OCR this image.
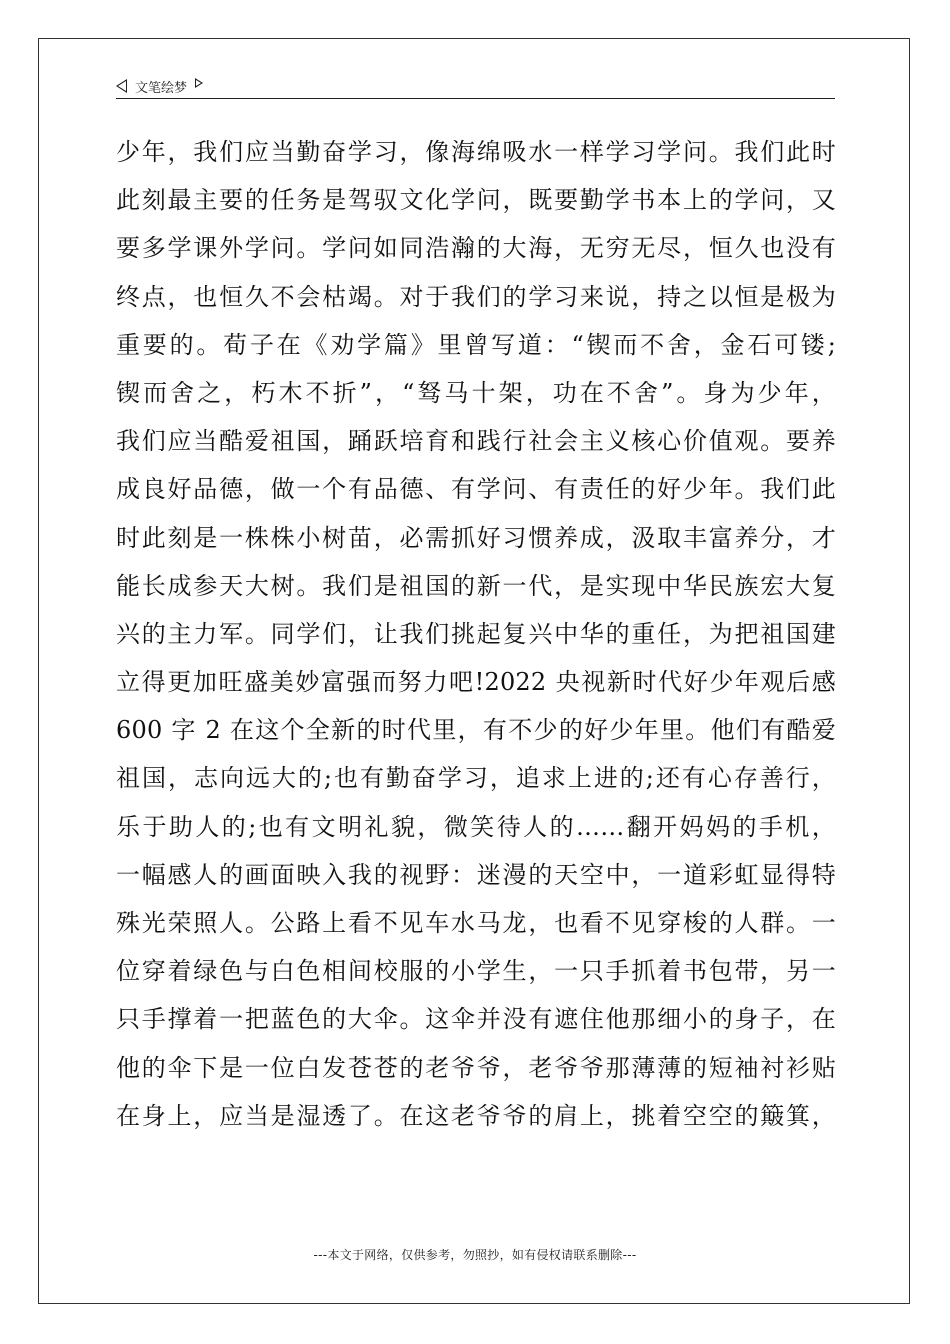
文笔绘梦
少年，我们应当勤奋学习，像海绵吸水一样学习学问。我们此时
此刻最主要的任务是驾驭文化学问，既要勤学书本上的学问，又
要多学课外学问。学问如同浩瀚的大海，无穷无尽，恒久也没有
终点，也恒久不会枯竭。对于我们的学习来说，持之以恒是极为
重要的。荀子在《劝学篇》里曾写道：“锲而不舍，金石可镂;
锲而舍之，朽木不折”，“驽马十架，功在不舍”。身为少年，
我们应当酷爱祖国，踊跃培育和践行社会主义核心价值观。要养
成良好品德，做一个有品德、有学问、有责任的好少年。我们此
时此刻是一株株小树苗，必需抓好习惯养成，汲取丰富养分，才
能长成参天大树。我们是祖国的新一代，是实现中华民族宏大复
兴的主力军。同学们，让我们挑起复兴中华的重任，为把祖国建
立得更加旺盛美妙富强而努力吧!2022 央视新时代好少年观后感
600 字 2 在这个全新的时代里，有不少的好少年里。他们有酷爱
祖国，志向远大的;也有勤奋学习，追求上进的;还有心存善行，
乐于助人的;也有文明礼貌，微笑待人的……翻开妈妈的手机，
一幅感人的画面映入我的视野：迷漫的天空中，一道彩虹显得特
殊光荣照人。公路上看不见车水马龙，也看不见穿梭的人群。一
位穿着绿色与白色相间校服的小学生，一只手抓着书包带，另一
只手撑着一把蓝色的大伞。这伞并没有遮住他那细小的身子，在
他的伞下是一位白发苍苍的老爷爷，老爷爷那薄薄的短袖衬衫贴
在身上，应当是湿透了。在这老爷爷的肩上，挑着空空的簸箕，
---本文于网络，仅供参考，勿照抄，如有侵权请联系删除---
